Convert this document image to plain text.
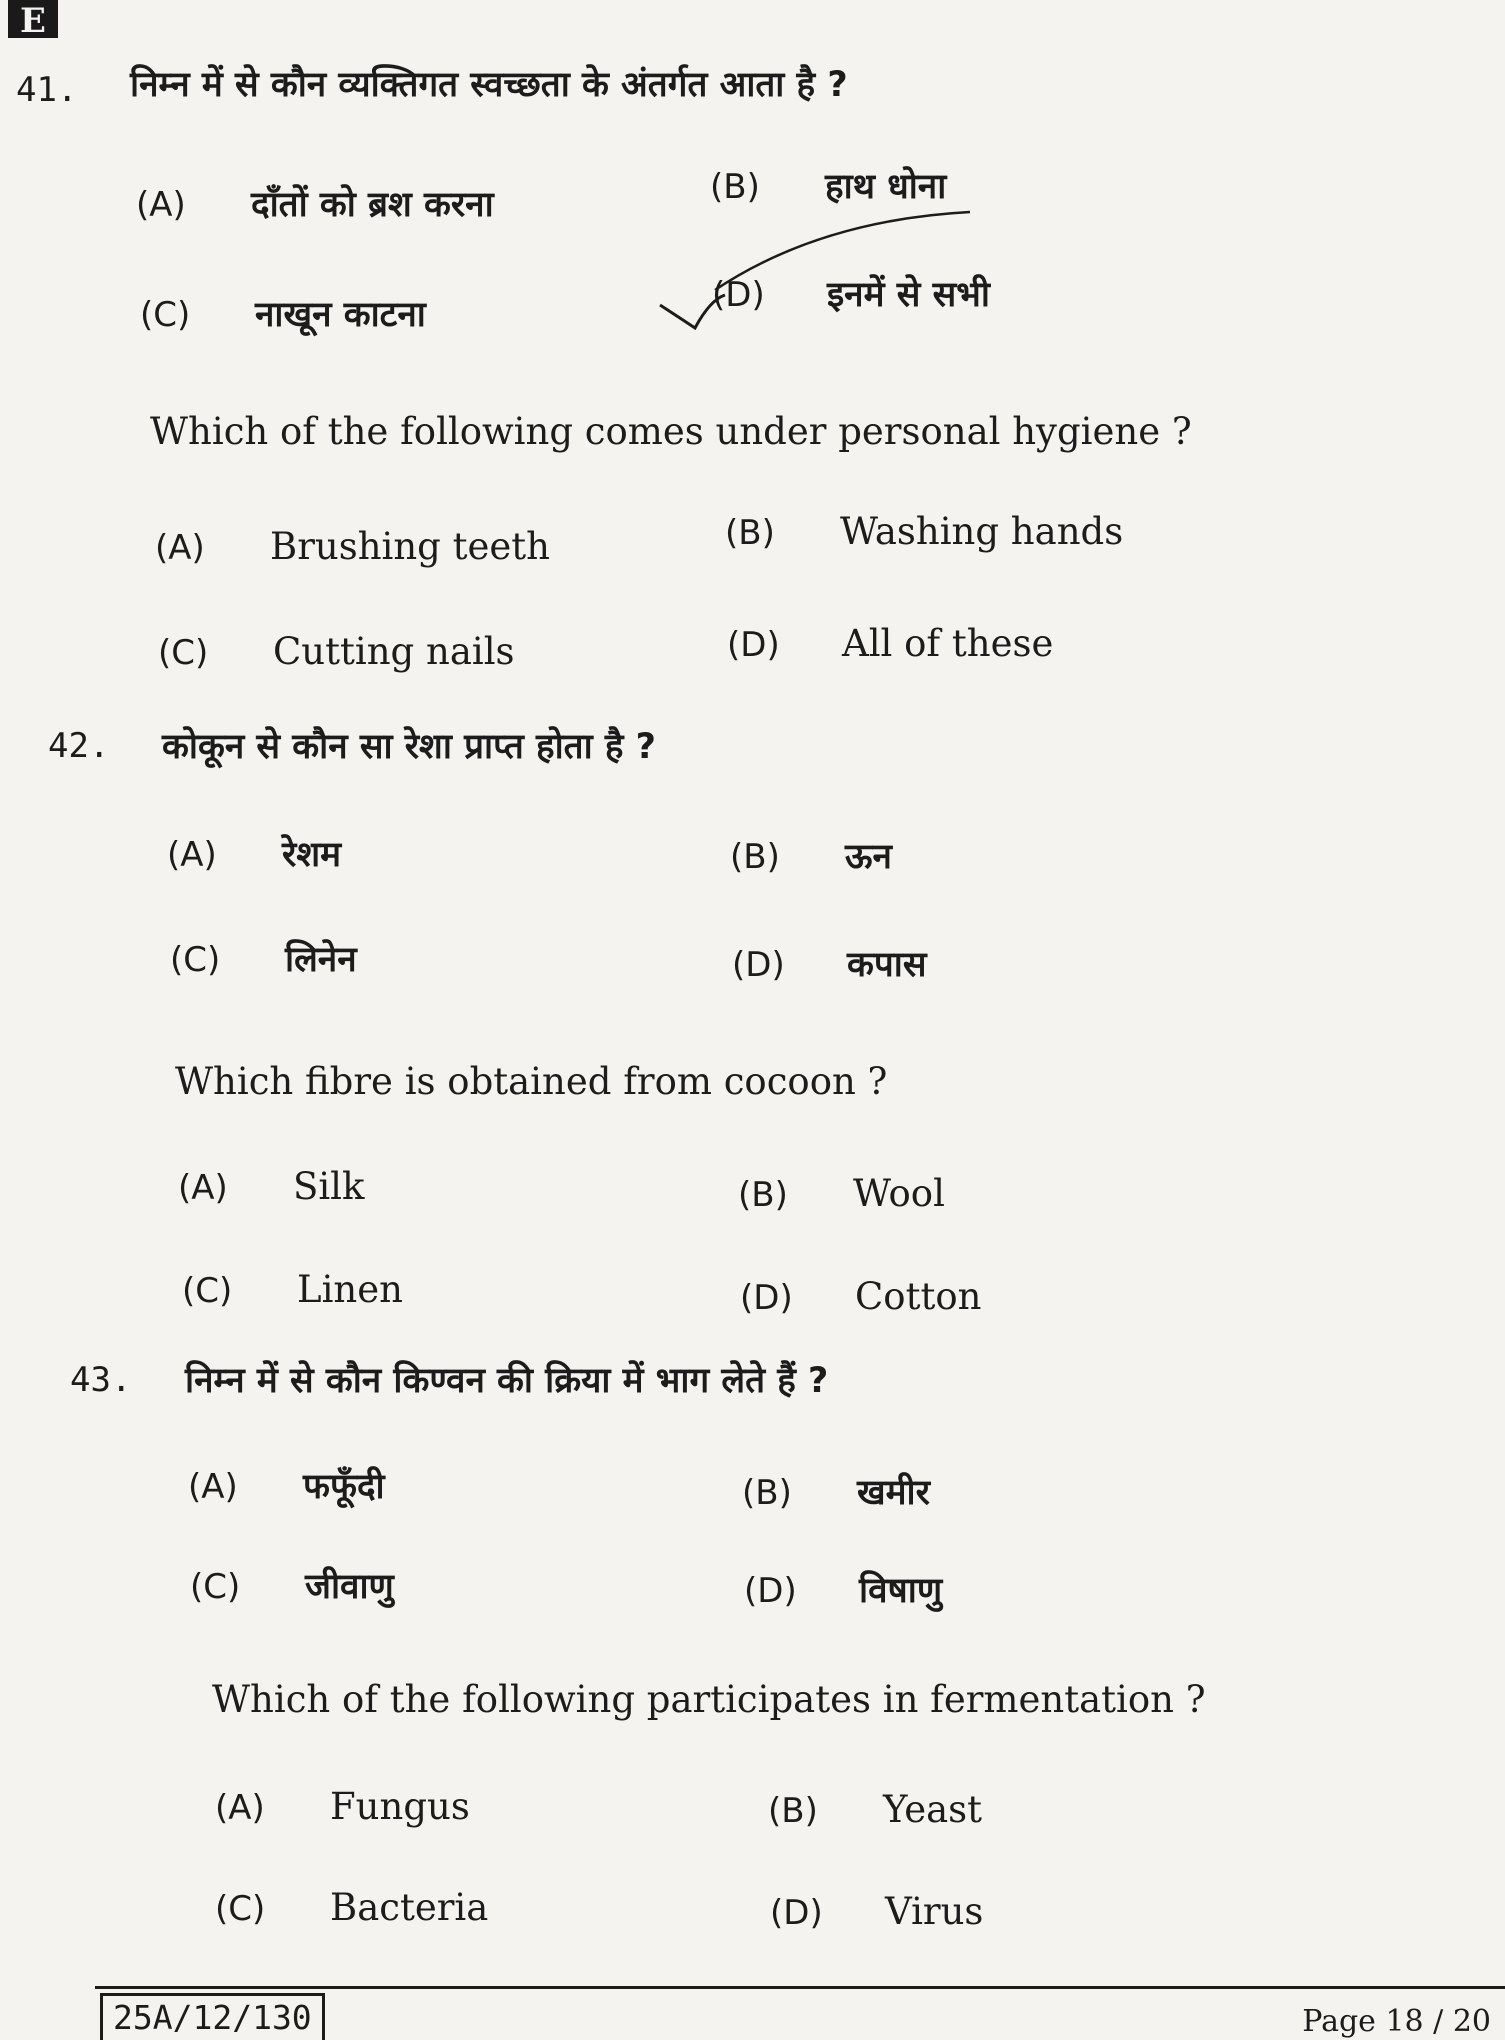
E
41. निम्न में से कौन व्यक्तिगत स्वच्छता के अंतर्गत आता है ?
(A)	दाँतों को ब्रश करना	(B)	हाथ धोना
(C)	नाखून काटना	(D)	इनमें से सभी
Which of the following comes under personal hygiene ?
(A)	Brushing teeth	(B)	Washing hands
(C)	Cutting nails	(D)	All of these
42. कोकून से कौन सा रेशा प्राप्त होता है ?
(A)	रेशम	(B)	ऊन
(C)	लिनेन	(D)	कपास
Which fibre is obtained from cocoon ?
(A)	Silk	(B)	Wool
(C)	Linen	(D)	Cotton
43. निम्न में से कौन किण्वन की क्रिया में भाग लेते हैं ?
(A)	फफूँदी	(B)	खमीर
(C)	जीवाणु	(D)	विषाणु
Which of the following participates in fermentation ?
(A)	Fungus	(B)	Yeast
(C)	Bacteria	(D)	Virus
25A/12/130	Page 18 / 20
